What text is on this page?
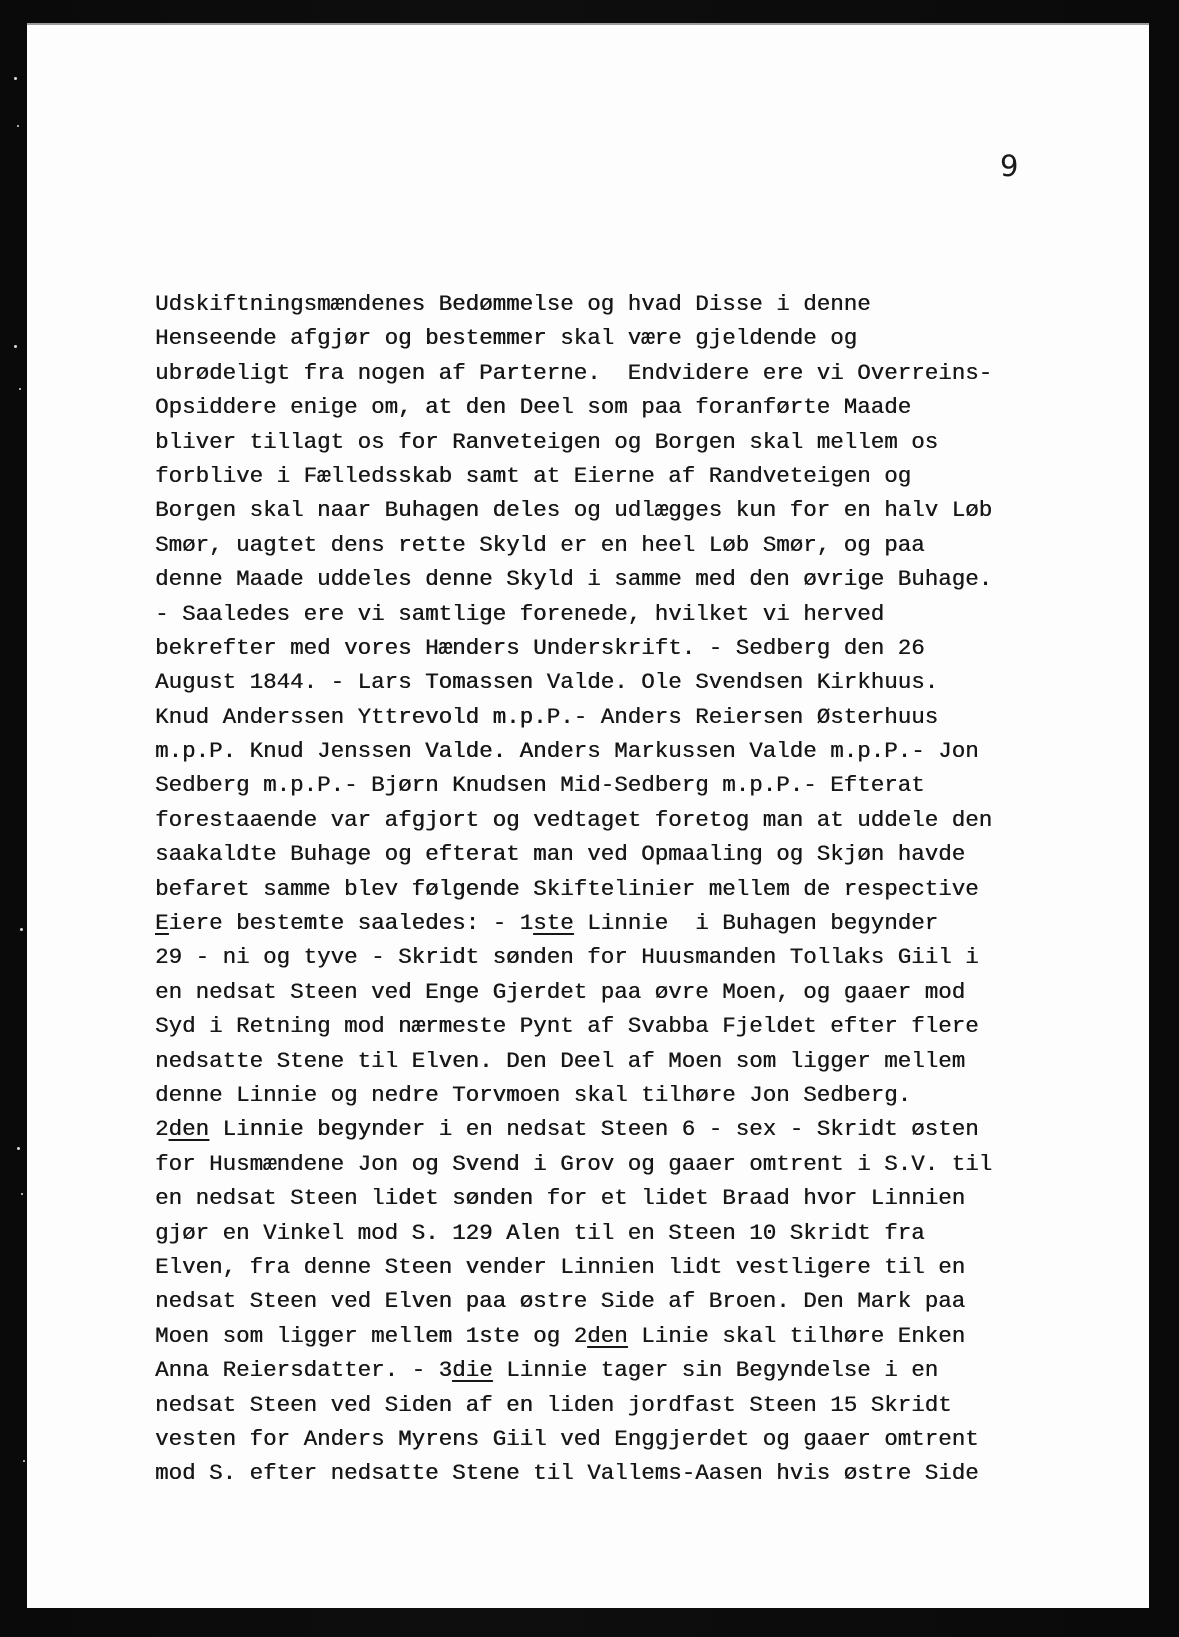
9
Udskiftningsmændenes Bedømmelse og hvad Disse i denne
Henseende afgjør og bestemmer skal være gjeldende og
ubrødeligt fra nogen af Parterne.  Endvidere ere vi Overreins-
Opsiddere enige om, at den Deel som paa foranførte Maade
bliver tillagt os for Ranveteigen og Borgen skal mellem os
forblive i Fælledsskab samt at Eierne af Randveteigen og
Borgen skal naar Buhagen deles og udlægges kun for en halv Løb
Smør, uagtet dens rette Skyld er en heel Løb Smør, og paa
denne Maade uddeles denne Skyld i samme med den øvrige Buhage.
- Saaledes ere vi samtlige forenede, hvilket vi herved
bekrefter med vores Hænders Underskrift. - Sedberg den 26
August 1844. - Lars Tomassen Valde. Ole Svendsen Kirkhuus.
Knud Anderssen Yttrevold m.p.P.- Anders Reiersen Østerhuus
m.p.P. Knud Jenssen Valde. Anders Markussen Valde m.p.P.- Jon
Sedberg m.p.P.- Bjørn Knudsen Mid-Sedberg m.p.P.- Efterat
forestaaende var afgjort og vedtaget foretog man at uddele den
saakaldte Buhage og efterat man ved Opmaaling og Skjøn havde
befaret samme blev følgende Skiftelinier mellem de respective
Eiere bestemte saaledes: - 1ste Linnie  i Buhagen begynder
29 - ni og tyve - Skridt sønden for Huusmanden Tollaks Giil i
en nedsat Steen ved Enge Gjerdet paa øvre Moen, og gaaer mod
Syd i Retning mod nærmeste Pynt af Svabba Fjeldet efter flere
nedsatte Stene til Elven. Den Deel af Moen som ligger mellem
denne Linnie og nedre Torvmoen skal tilhøre Jon Sedberg.
2den Linnie begynder i en nedsat Steen 6 - sex - Skridt østen
for Husmændene Jon og Svend i Grov og gaaer omtrent i S.V. til
en nedsat Steen lidet sønden for et lidet Braad hvor Linnien
gjør en Vinkel mod S. 129 Alen til en Steen 10 Skridt fra
Elven, fra denne Steen vender Linnien lidt vestligere til en
nedsat Steen ved Elven paa østre Side af Broen. Den Mark paa
Moen som ligger mellem 1ste og 2den Linie skal tilhøre Enken
Anna Reiersdatter. - 3die Linnie tager sin Begyndelse i en
nedsat Steen ved Siden af en liden jordfast Steen 15 Skridt
vesten for Anders Myrens Giil ved Enggjerdet og gaaer omtrent
mod S. efter nedsatte Stene til Vallems-Aasen hvis østre Side
